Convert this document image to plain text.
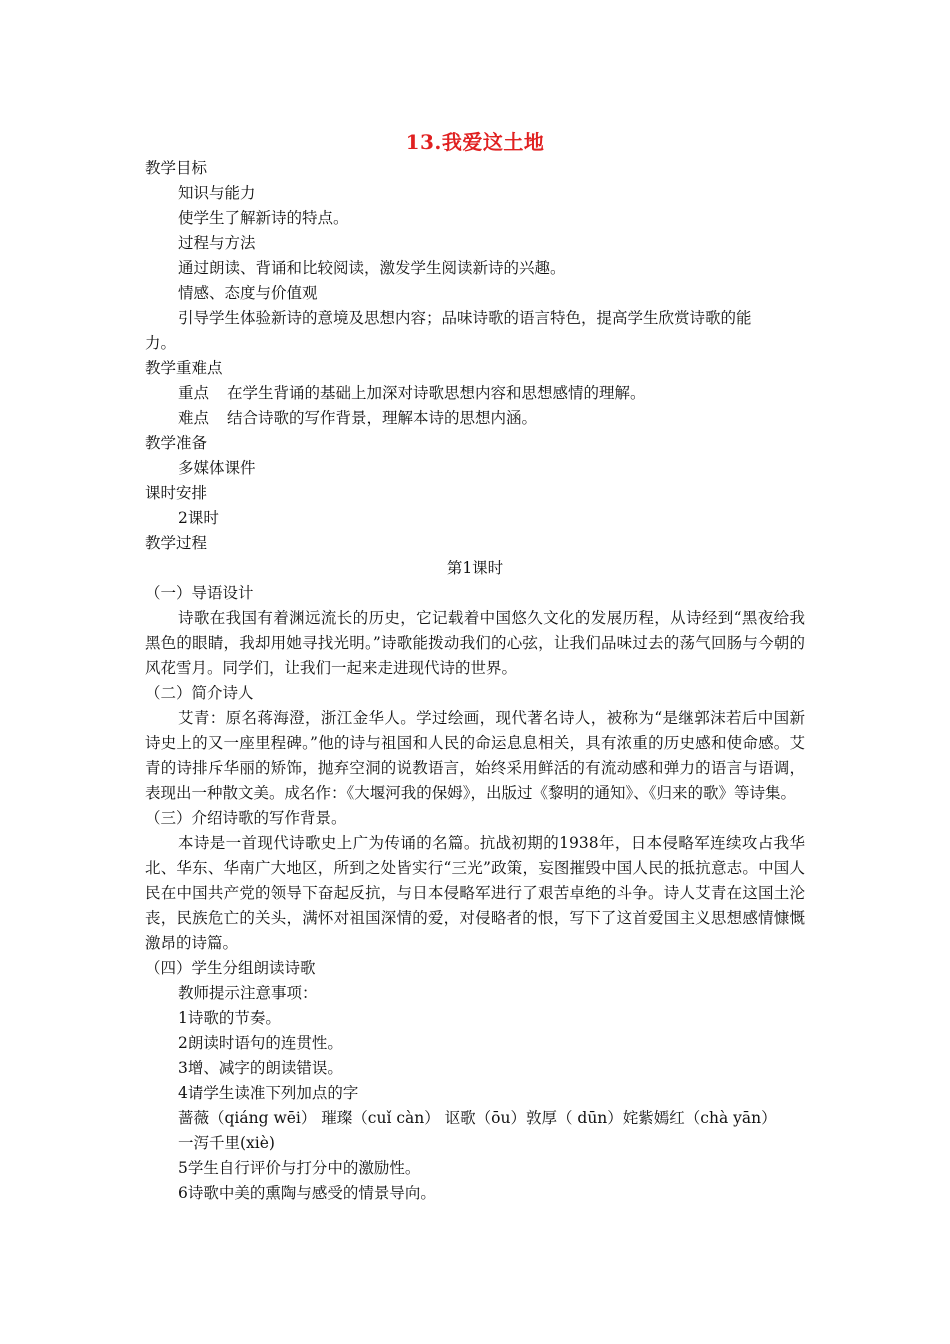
13.我爱这土地
教学目标
知识与能力
使学生了解新诗的特点。
过程与方法
通过朗读、背诵和比较阅读，激发学生阅读新诗的兴趣。
情感、态度与价值观
引导学生体验新诗的意境及思想内容；品味诗歌的语言特色，提高学生欣赏诗歌的能
力。
教学重难点
重点 在学生背诵的基础上加深对诗歌思想内容和思想感情的理解。
难点 结合诗歌的写作背景，理解本诗的思想内涵。
教学准备
多媒体课件
课时安排
2课时
教学过程
第1课时
（一）导语设计
诗歌在我国有着渊远流长的历史，它记载着中国悠久文化的发展历程，从诗经到“黑夜给我黑色的眼睛，我却用她寻找光明。”诗歌能拨动我们的心弦，让我们品味过去的荡气回肠与今朝的风花雪月。同学们，让我们一起来走进现代诗的世界。
（二）简介诗人
艾青：原名蒋海澄，浙江金华人。学过绘画，现代著名诗人，被称为“是继郭沫若后中国新诗史上的又一座里程碑。”他的诗与祖国和人民的命运息息相关，具有浓重的历史感和使命感。艾青的诗排斥华丽的矫饰，抛弃空洞的说教语言，始终采用鲜活的有流动感和弹力的语言与语调，表现出一种散文美。成名作：《大堰河我的保姆》，出版过《黎明的通知》、《归来的歌》等诗集。
（三）介绍诗歌的写作背景。
本诗是一首现代诗歌史上广为传诵的名篇。抗战初期的1938年，日本侵略军连续攻占我华北、华东、华南广大地区，所到之处皆实行“三光”政策，妄图摧毁中国人民的抵抗意志。中国人民在中国共产党的领导下奋起反抗，与日本侵略军进行了艰苦卓绝的斗争。诗人艾青在这国土沦丧，民族危亡的关头，满怀对祖国深情的爱，对侵略者的恨，写下了这首爱国主义思想感情慷慨激昂的诗篇。
（四）学生分组朗读诗歌
教师提示注意事项：
1诗歌的节奏。
2朗读时语句的连贯性。
3增、减字的朗读错误。
4请学生读准下列加点的字
蔷薇（qiáng wēi） 璀璨（cuǐ càn） 讴歌（ōu）敦厚（ dūn）姹紫嫣红（chà yān）
一泻千里(xiè)
5学生自行评价与打分中的激励性。
6诗歌中美的熏陶与感受的情景导向。
